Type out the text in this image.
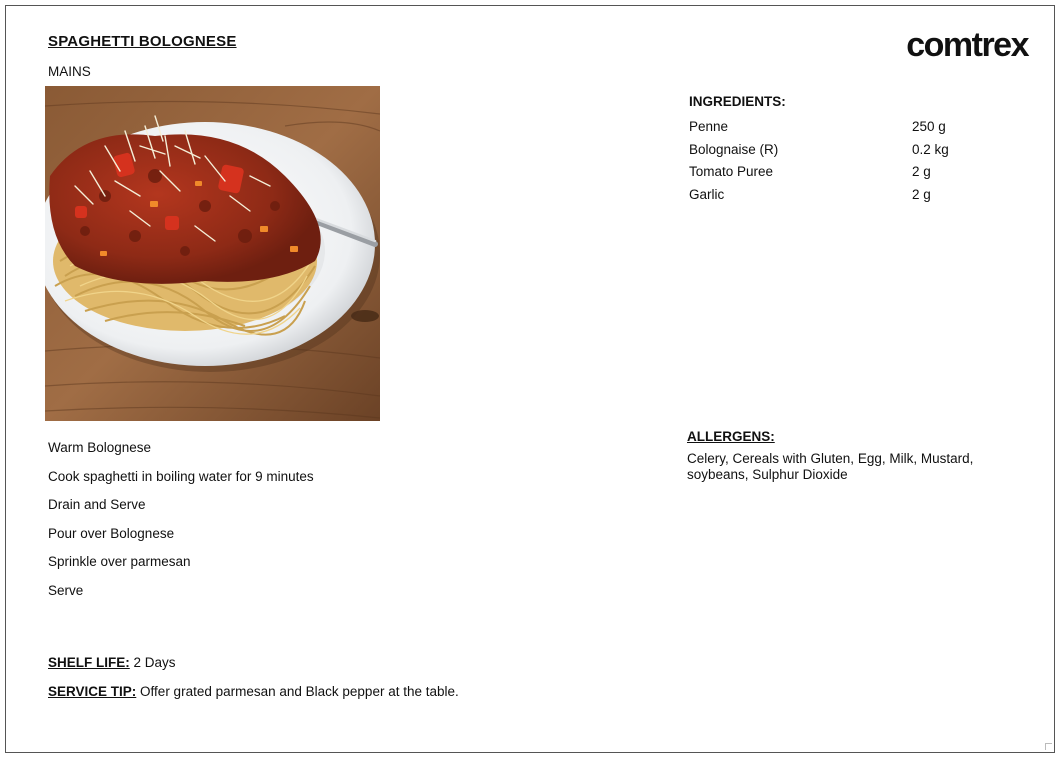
SPAGHETTI BOLOGNESE
MAINS
comtrex
INGREDIENTS:
Penne	250 g
Bolognaise (R)	0.2 kg
Tomato Puree	2 g
Garlic	2 g
ALLERGENS:
Celery, Cereals with Gluten, Egg, Milk, Mustard, soybeans, Sulphur Dioxide
Warm Bolognese
Cook spaghetti in boiling water for 9 minutes
Drain and Serve
Pour over Bolognese
Sprinkle over parmesan
Serve
SHELF LIFE: 2 Days
SERVICE TIP: Offer grated parmesan and Black pepper at the table.
